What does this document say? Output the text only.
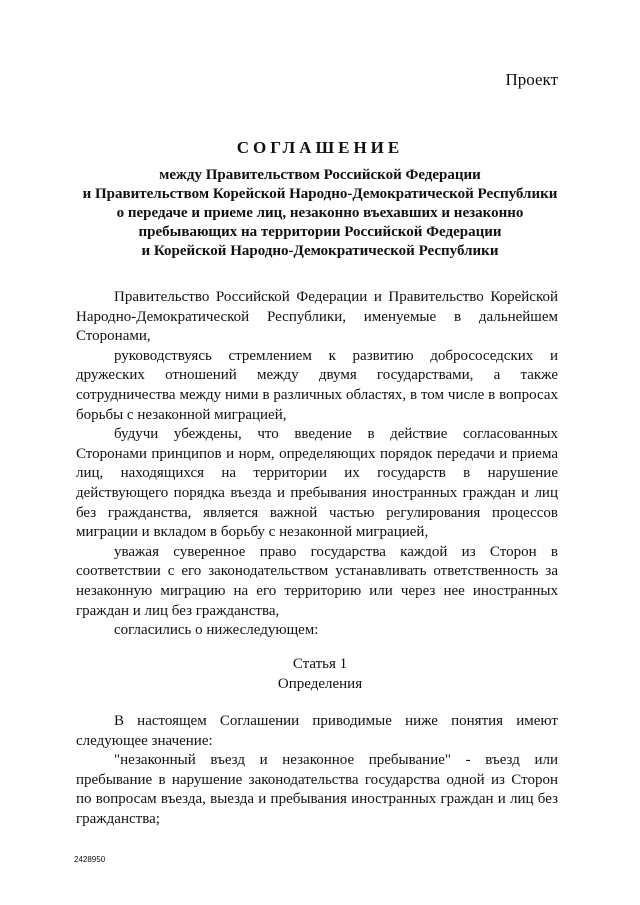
Проект
СОГЛАШЕНИЕ
между Правительством Российской Федерации
и Правительством Корейской Народно-Демократической Республики
о передаче и приеме лиц, незаконно въехавших и незаконно
пребывающих на территории Российской Федерации
и Корейской Народно-Демократической Республики

Правительство Российской Федерации и Правительство Корейской Народно-Демократической Республики, именуемые в дальнейшем Сторонами,

руководствуясь стремлением к развитию добрососедских и дружеских отношений между двумя государствами, а также сотрудничества между ними в различных областях, в том числе в вопросах борьбы с незаконной миграцией,

будучи убеждены, что введение в действие согласованных Сторонами принципов и норм, определяющих порядок передачи и приема лиц, находящихся на территории их государств в нарушение действующего порядка въезда и пребывания иностранных граждан и лиц без гражданства, является важной частью регулирования процессов миграции и вкладом в борьбу с незаконной миграцией,

уважая суверенное право государства каждой из Сторон в соответствии с его законодательством устанавливать ответственность за незаконную миграцию на его территорию или через нее иностранных граждан и лиц без гражданства,

согласились о нижеследующем:

Статья 1
Определения

В настоящем Соглашении приводимые ниже понятия имеют следующее значение:

"незаконный въезд и незаконное пребывание" - въезд или пребывание в нарушение законодательства государства одной из Сторон по вопросам въезда, выезда и пребывания иностранных граждан и лиц без гражданства;

2428950
